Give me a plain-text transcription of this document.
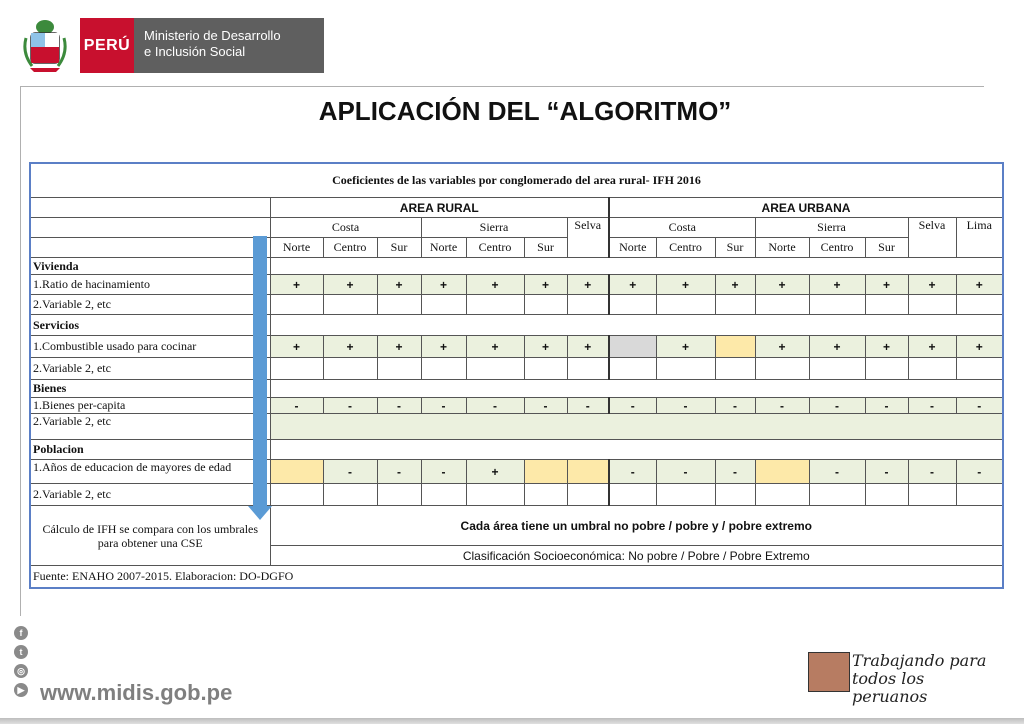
PERÚ
Ministerio de Desarrollo
e Inclusión Social
APLICACIÓN DEL “ALGORITMO”
Coeficientes de las variables por conglomerado del area rural- IFH 2016															
	AREA RURAL							AREA URBANA							
	Costa			Sierra			Selva	Costa			Sierra			Selva	Lima
	Norte	Centro	Sur	Norte	Centro	Sur		Norte	Centro	Sur	Norte	Centro	Sur		
Vivienda															
1.Ratio de hacinamiento	+	+	+	+	+	+	+	+	+	+	+	+	+	+	+
2.Variable 2, etc															
Servicios															
1.Combustible usado para cocinar	+	+	+	+	+	+	+		+		+	+	+	+	+
2.Variable 2, etc															
Bienes															
1.Bienes per-capita	-	-	-	-	-	-	-	-	-	-	-	-	-	-	-
2.Variable 2, etc															
Poblacion															
1.Años de educacion de mayores de edad		-	-	-	+			-	-	-		-	-	-	-
2.Variable 2, etc															
Cálculo de IFH se compara con los umbrales para obtener una CSE	Cada área tiene un umbral no pobre / pobre y / pobre extremo														
	Clasificación Socioeconómica: No pobre / Pobre / Pobre Extremo														
Fuente: ENAHO 2007-2015. Elaboracion: DO-DGFO															
f
t
◎
▶ www.midis.gob.pe
Trabajando para
todos los peruanos
